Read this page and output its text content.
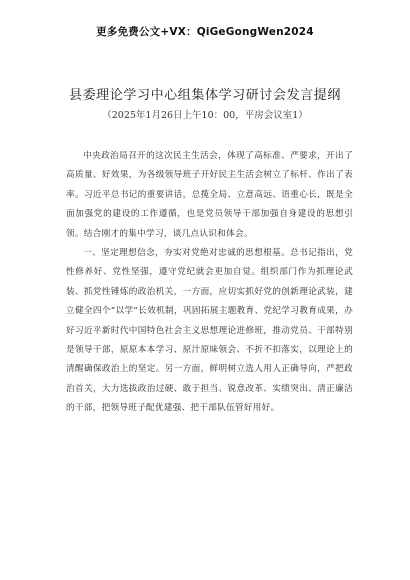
更多免费公文+VX：QiGeGongWen2024
县委理论学习中心组集体学习研讨会发言提纲
（2025年1月26日上午10：00，平房会议室1）

中央政治局召开的这次民主生活会，体现了高标准、严要求，开出了高质量、好效果，为各级领导班子开好民主生活会树立了标杆、作出了表率。习近平总书记的重要讲话，总揽全局、立意高远、语重心长，既是全面加强党的建设的工作遵循，也是党员领导干部加强自身建设的思想引领。结合刚才的集中学习，谈几点认识和体会。

一、坚定理想信念，夯实对党绝对忠诚的思想根基。总书记指出，党性修养好、党性坚强，遵守党纪就会更加自觉。组织部门作为抓理论武装、抓党性锤炼的政治机关，一方面，应切实抓好党的创新理论武装，建立健全四个“以学”长效机制，巩固拓展主题教育、党纪学习教育成果，办好习近平新时代中国特色社会主义思想理论进修班，推动党员、干部特别是领导干部，原原本本学习、原汁原味领会、不折不扣落实，以理论上的清醒确保政治上的坚定。另一方面，鲜明树立选人用人正确导向，严把政治首关，大力选拔政治过硬、敢于担当、锐意改革、实绩突出、清正廉洁的干部，把领导班子配优建强、把干部队伍管好用好。
